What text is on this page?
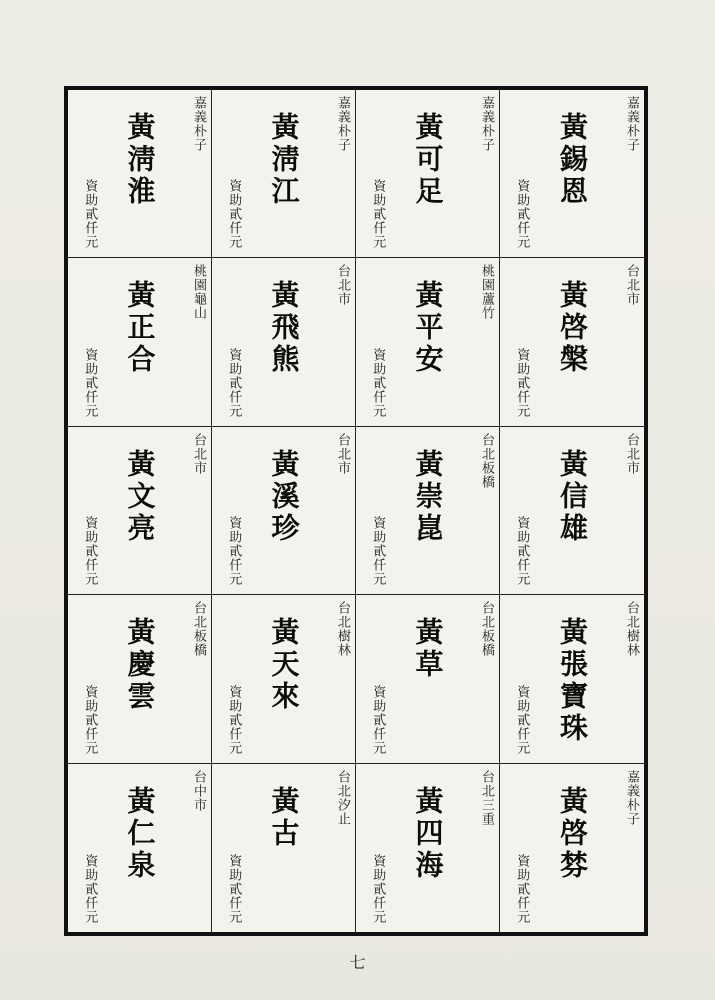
嘉義朴子
黃淸淮
資助貳仟元
嘉義朴子
黃淸江
資助貳仟元
嘉義朴子
黃可足
資助貳仟元
嘉義朴子
黃錫恩
資助貳仟元
桃園龜山
黃正合
資助貳仟元
台北市
黃飛熊
資助貳仟元
桃園蘆竹
黃平安
資助貳仟元
台北市
黃啓槃
資助貳仟元
台北市
黃文亮
資助貳仟元
台北市
黃溪珍
資助貳仟元
台北板橋
黃崇崑
資助貳仟元
台北市
黃信雄
資助貳仟元
台北板橋
黃慶雲
資助貳仟元
台北樹林
黃天來
資助貳仟元
台北板橋
黃草
資助貳仟元
台北樹林
黃張寶珠
資助貳仟元
台中市
黃仁泉
資助貳仟元
台北汐止
黃古
資助貳仟元
台北三重
黃四海
資助貳仟元
嘉義朴子
黃啓棼
資助貳仟元
七
